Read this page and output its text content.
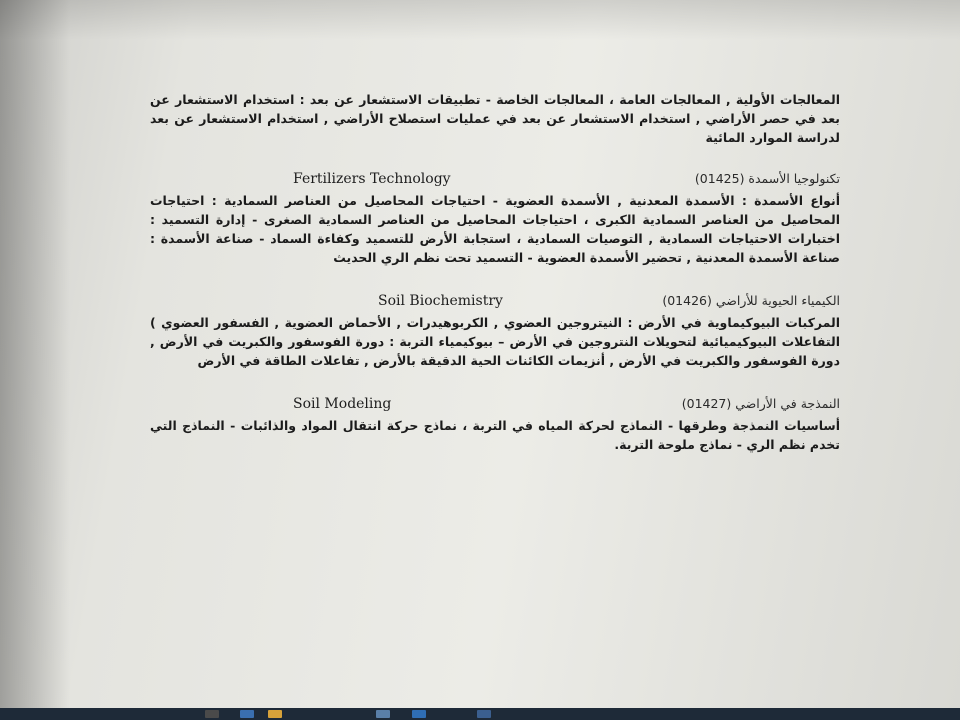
المعالجات الأولية , المعالجات العامة ، المعالجات الخاصة - تطبيقات الاستشعار عن بعد : استخدام الاستشعار عن بعد في حصر الأراضي , استخدام الاستشعار عن بعد في عمليات استصلاح الأراضي , استخدام الاستشعار عن بعد لدراسة الموارد المائية

(01425) تكنولوجيا الأسمدة
Fertilizers Technology

أنواع الأسمدة : الأسمدة المعدنية , الأسمدة العضوية - احتياجات المحاصيل من العناصر السمادية : احتياجات المحاصيل من العناصر السمادية الكبرى ، احتياجات المحاصيل من العناصر السمادية الصغرى - إدارة التسميد : اختبارات الاحتياجات السمادية , التوصيات السمادية ، استجابة الأرض للتسميد وكفاءة السماد - صناعة الأسمدة : صناعة الأسمدة المعدنية , تحضير الأسمدة العضوية - التسميد تحت نظم الري الحديث

(01426) الكيمياء الحيوية للأراضي
Soil Biochemistry

المركبات البيوكيماوية في الأرض : النيتروجين العضوي , الكربوهيدرات , الأحماض العضوية , الفسفور العضوي ) التفاعلات البيوكيميائية لتحويلات النتروجين في الأرض – بيوكيمياء التربة : دورة الفوسفور والكبريت في الأرض , دورة الفوسفور والكبريت في الأرض , أنزيمات الكائنات الحية الدقيقة بالأرض , تفاعلات الطاقة في الأرض

(01427) النمذجة في الأراضي
Soil Modeling

أساسيات النمذجة وطرقها - النماذج لحركة المياه في التربة ، نماذج حركة انتقال المواد والذائبات - النماذج التي تخدم نظم الري - نماذج ملوحة التربة.
